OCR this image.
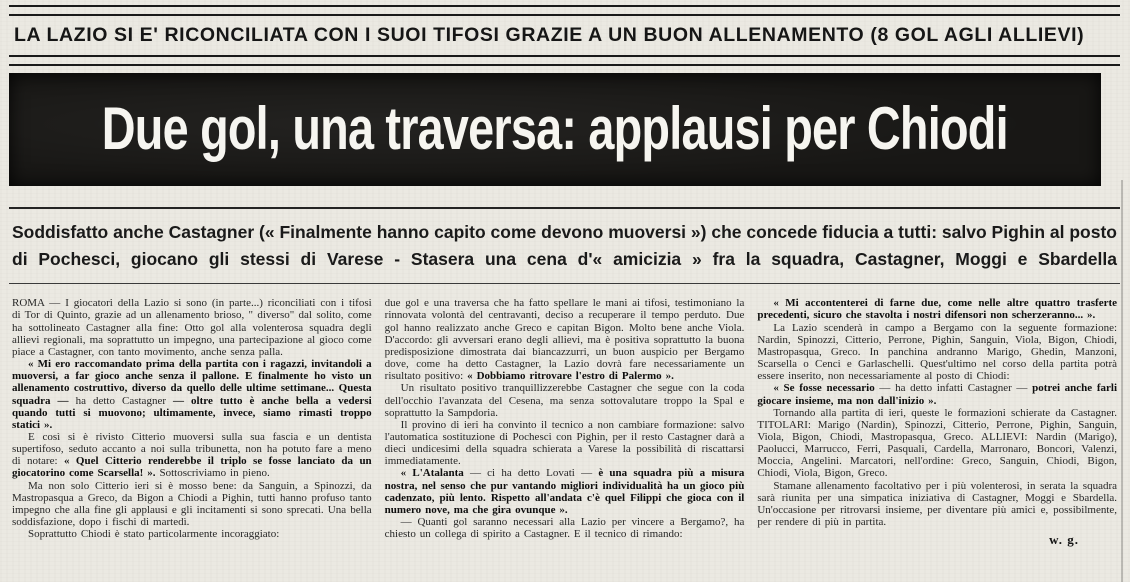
LA LAZIO SI E' RICONCILIATA CON I SUOI TIFOSI GRAZIE A UN BUON ALLENAMENTO (8 GOL AGLI ALLIEVI)
Due gol, una traversa: applausi per Chiodi
Soddisfatto anche Castagner (« Finalmente hanno capito come devono muoversi ») che concede fiducia a tutti: salvo Pighin al posto di Pochesci, giocano gli stessi di Varese - Stasera una cena d'« amicizia » fra la squadra, Castagner, Moggi e Sbardella

ROMA — I giocatori della Lazio si sono (in parte...) riconciliati con i tifosi di Tor di Quinto, grazie ad un allenamento brioso, " diverso" dal solito, come ha sottolineato Castagner alla fine: Otto gol alla volenterosa squadra degli allievi regionali, ma soprattutto un impegno, una partecipazione al gioco come piace a Castagner, con tanto movimento, anche senza palla.

« Mi ero raccomandato prima della partita con i ragazzi, invitandoli a muoversi, a far gioco anche senza il pallone. E finalmente ho visto un allenamento costruttivo, diverso da quello delle ultime settimane... Questa squadra — ha detto Castagner — oltre tutto è anche bella a vedersi quando tutti si muovono; ultimamente, invece, siamo rimasti troppo statici ».

E così si è rivisto Citterio muoversi sulla sua fascia e un dentista supertifoso, seduto accanto a noi sulla tribunetta, non ha potuto fare a meno di notare: « Quel Citterio renderebbe il triplo se fosse lanciato da un giocatorino come Scarsella! ». Sottoscriviamo in pieno.

Ma non solo Citterio ieri si è mosso bene: da Sanguin, a Spinozzi, da Mastropasqua a Greco, da Bigon a Chiodi a Pighin, tutti hanno profuso tanto impegno che alla fine gli applausi e gli incitamenti si sono sprecati. Una bella soddisfazione, dopo i fischi di martedì.

Soprattutto Chiodi è stato particolarmente incoraggiato:

due gol e una traversa che ha fatto spellare le mani ai tifosi, testimoniano la rinnovata volontà del centravanti, deciso a recuperare il tempo perduto. Due gol hanno realizzato anche Greco e capitan Bigon. Molto bene anche Viola. D'accordo: gli avversari erano degli allievi, ma è positiva soprattutto la buona predisposizione dimostrata dai biancazzurri, un buon auspicio per Bergamo dove, come ha detto Castagner, la Lazio dovrà fare necessariamente un risultato positivo: « Dobbiamo ritrovare l'estro di Palermo ».

Un risultato positivo tranquillizzerebbe Castagner che segue con la coda dell'occhio l'avanzata del Cesena, ma senza sottovalutare troppo la Spal e soprattutto la Sampdoria.

Il provino di ieri ha convinto il tecnico a non cambiare formazione: salvo l'automatica sostituzione di Pochesci con Pighin, per il resto Castagner darà a dieci undicesimi della squadra schierata a Varese la possibilità di riscattarsi immediatamente.

« L'Atalanta — ci ha detto Lovati — è una squadra più a misura nostra, nel senso che pur vantando migliori individualità ha un gioco più cadenzato, più lento. Rispetto all'andata c'è quel Filippi che gioca con il numero nove, ma che gira ovunque ».

— Quanti gol saranno necessari alla Lazio per vincere a Bergamo?, ha chiesto un collega di spirito a Castagner. E il tecnico di rimando:

« Mi accontenterei di farne due, come nelle altre quattro trasferte precedenti, sicuro che stavolta i nostri difensori non scherzeranno... ».

La Lazio scenderà in campo a Bergamo con la seguente formazione: Nardin, Spinozzi, Citterio, Perrone, Pighin, Sanguin, Viola, Bigon, Chiodi, Mastropasqua, Greco. In panchina andranno Marigo, Ghedin, Manzoni, Scarsella o Cenci e Garlaschelli. Quest'ultimo nel corso della partita potrà essere inserito, non necessariamente al posto di Chiodi:

« Se fosse necessario — ha detto infatti Castagner — potrei anche farli giocare insieme, ma non dall'inizio ».

Tornando alla partita di ieri, queste le formazioni schierate da Castagner. TITOLARI: Marigo (Nardin), Spinozzi, Citterio, Perrone, Pighin, Sanguin, Viola, Bigon, Chiodi, Mastropasqua, Greco. ALLIEVI: Nardin (Marigo), Paolucci, Marrucco, Ferri, Pasquali, Cardella, Marronaro, Boncori, Valenzi, Moccia, Angelini. Marcatori, nell'ordine: Greco, Sanguin, Chiodi, Bigon, Chiodi, Viola, Bigon, Greco.

Stamane allenamento facoltativo per i più volenterosi, in serata la squadra sarà riunita per una simpatica iniziativa di Castagner, Moggi e Sbardella. Un'occasione per ritrovarsi insieme, per diventare più amici e, possibilmente, per rendere di più in partita.

w. g.
